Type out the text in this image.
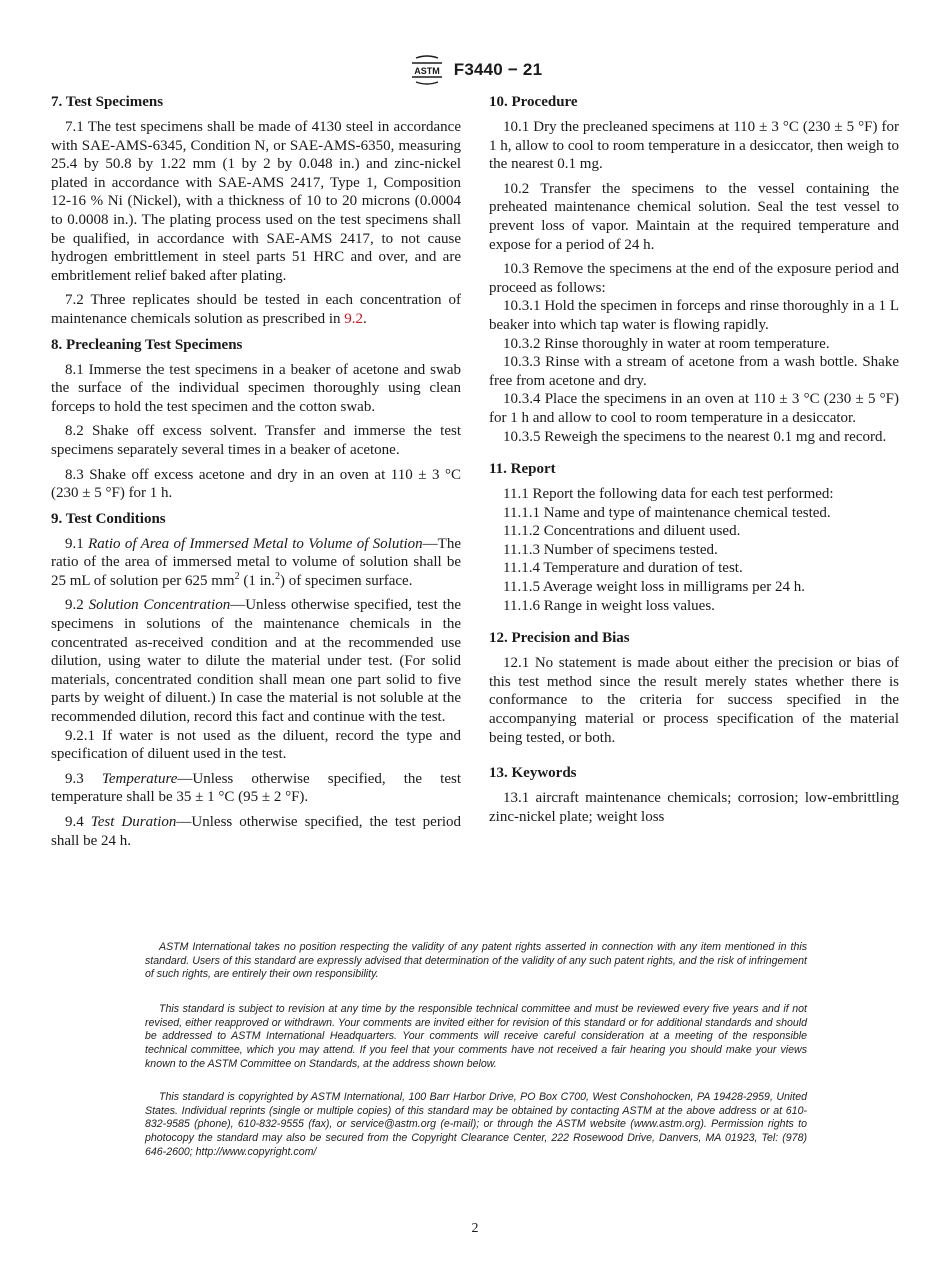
ASTM F3440 − 21
7. Test Specimens

7.1 The test specimens shall be made of 4130 steel in accordance with SAE-AMS-6345, Condition N, or SAE-AMS-6350, measuring 25.4 by 50.8 by 1.22 mm (1 by 2 by 0.048 in.) and zinc-nickel plated in accordance with SAE-AMS 2417, Type 1, Composition 12-16 % Ni (Nickel), with a thickness of 10 to 20 microns (0.0004 to 0.0008 in.). The plating process used on the test specimens shall be qualified, in accordance with SAE-AMS 2417, to not cause hydrogen embrittlement in steel parts 51 HRC and over, and are embritlement relief baked after plating.

7.2 Three replicates should be tested in each concentration of maintenance chemicals solution as prescribed in 9.2.

8. Precleaning Test Specimens

8.1 Immerse the test specimens in a beaker of acetone and swab the surface of the individual specimen thoroughly using clean forceps to hold the test specimen and the cotton swab.

8.2 Shake off excess solvent. Transfer and immerse the test specimens separately several times in a beaker of acetone.

8.3 Shake off excess acetone and dry in an oven at 110 ± 3 °C (230 ± 5 °F) for 1 h.

9. Test Conditions

9.1 Ratio of Area of Immersed Metal to Volume of Solution—The ratio of the area of immersed metal to volume of solution shall be 25 mL of solution per 625 $mm^2$ (1 in.$^2$) of specimen surface.

9.2 Solution Concentration—Unless otherwise specified, test the specimens in solutions of the maintenance chemicals in the concentrated as-received condition and at the recommended use dilution, using water to dilute the material under test. (For solid materials, concentrated condition shall mean one part solid to five parts by weight of diluent.) In case the material is not soluble at the recommended dilution, record this fact and continue with the test.

9.2.1 If water is not used as the diluent, record the type and specification of diluent used in the test.

9.3 Temperature—Unless otherwise specified, the test temperature shall be 35 ± 1 °C (95 ± 2 °F).

9.4 Test Duration—Unless otherwise specified, the test period shall be 24 h.

10. Procedure

10.1 Dry the precleaned specimens at 110 ± 3 °C (230 ± 5 °F) for 1 h, allow to cool to room temperature in a desiccator, then weigh to the nearest 0.1 mg.

10.2 Transfer the specimens to the vessel containing the preheated maintenance chemical solution. Seal the test vessel to prevent loss of vapor. Maintain at the required temperature and expose for a period of 24 h.

10.3 Remove the specimens at the end of the exposure period and proceed as follows:

10.3.1 Hold the specimen in forceps and rinse thoroughly in a 1 L beaker into which tap water is flowing rapidly.

10.3.2 Rinse thoroughly in water at room temperature.

10.3.3 Rinse with a stream of acetone from a wash bottle. Shake free from acetone and dry.

10.3.4 Place the specimens in an oven at 110 ± 3 °C (230 ± 5 °F) for 1 h and allow to cool to room temperature in a desiccator.

10.3.5 Reweigh the specimens to the nearest 0.1 mg and record.

11. Report

11.1 Report the following data for each test performed:

11.1.1 Name and type of maintenance chemical tested.

11.1.2 Concentrations and diluent used.

11.1.3 Number of specimens tested.

11.1.4 Temperature and duration of test.

11.1.5 Average weight loss in milligrams per 24 h.

11.1.6 Range in weight loss values.

12. Precision and Bias

12.1 No statement is made about either the precision or bias of this test method since the result merely states whether there is conformance to the criteria for success specified in the accompanying material or process specification of the material being tested, or both.

13. Keywords

13.1 aircraft maintenance chemicals; corrosion; low-embrittling zinc-nickel plate; weight loss

ASTM International takes no position respecting the validity of any patent rights asserted in connection with any item mentioned in this standard. Users of this standard are expressly advised that determination of the validity of any such patent rights, and the risk of infringement of such rights, are entirely their own responsibility.

This standard is subject to revision at any time by the responsible technical committee and must be reviewed every five years and if not revised, either reapproved or withdrawn. Your comments are invited either for revision of this standard or for additional standards and should be addressed to ASTM International Headquarters. Your comments will receive careful consideration at a meeting of the responsible technical committee, which you may attend. If you feel that your comments have not received a fair hearing you should make your views known to the ASTM Committee on Standards, at the address shown below.

This standard is copyrighted by ASTM International, 100 Barr Harbor Drive, PO Box C700, West Conshohocken, PA 19428-2959, United States. Individual reprints (single or multiple copies) of this standard may be obtained by contacting ASTM at the above address or at 610-832-9585 (phone), 610-832-9555 (fax), or service@astm.org (e-mail); or through the ASTM website (www.astm.org). Permission rights to photocopy the standard may also be secured from the Copyright Clearance Center, 222 Rosewood Drive, Danvers, MA 01923, Tel: (978) 646-2600; http://www.copyright.com/

2
